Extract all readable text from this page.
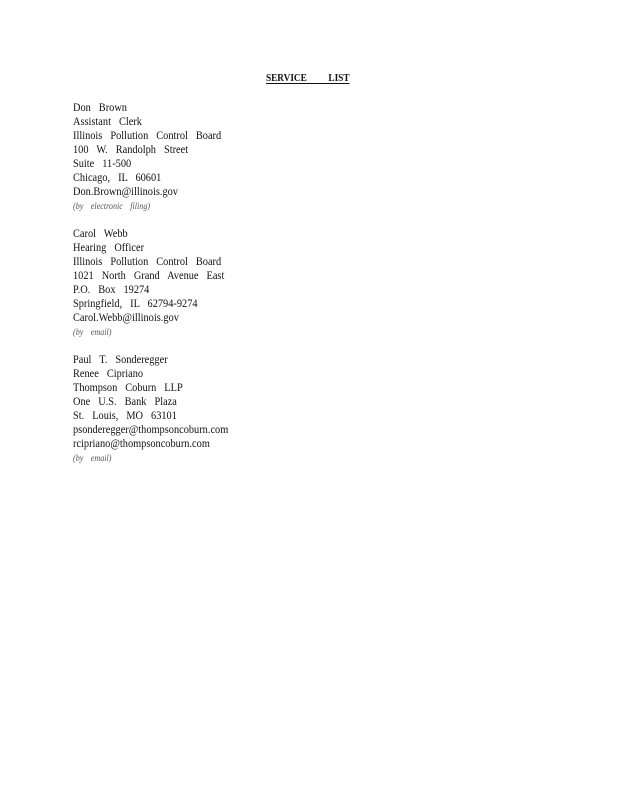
SERVICE LIST
Don Brown
Assistant Clerk
Illinois Pollution Control Board
100 W. Randolph Street
Suite 11-500
Chicago, IL 60601
Don.Brown@illinois.gov
(by electronic filing)
Carol Webb
Hearing Officer
Illinois Pollution Control Board
1021 North Grand Avenue East
P.O. Box 19274
Springfield, IL 62794-9274
Carol.Webb@illinois.gov
(by email)
Paul T. Sonderegger
Renee Cipriano
Thompson Coburn LLP
One U.S. Bank Plaza
St. Louis, MO 63101
psonderegger@thompsoncoburn.com
rcipriano@thompsoncoburn.com
(by email)
